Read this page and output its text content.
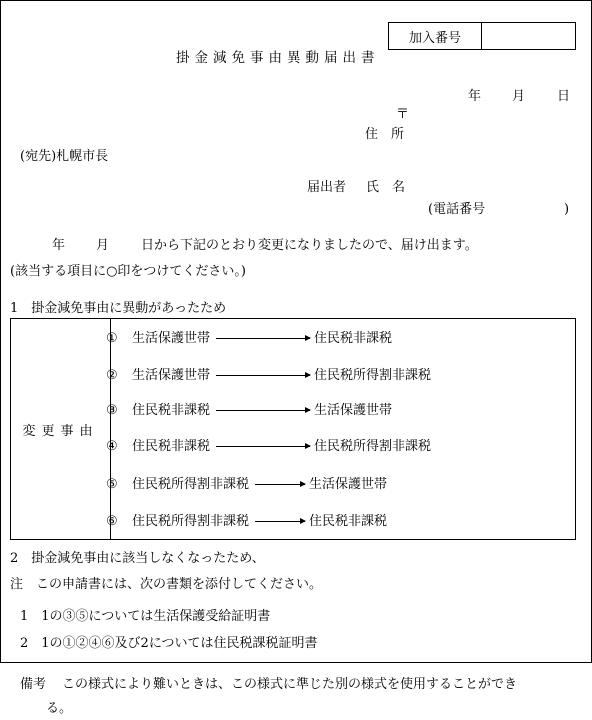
加入番号
掛金減免事由異動届出書
年 月 日
〒
住　所
(宛先)札幌市長
届出者 氏　名
(電話番号	)
年 月 日から下記のとおり変更になりましたので、届け出ます。
(該当する項目に○印をつけてください。)
1　掛金減免事由に異動があったため
変更事由
①	生活保護世帯	住民税非課税
②	生活保護世帯	住民税所得割非課税
③	住民税非課税	生活保護世帯
④	住民税非課税	住民税所得割非課税
⑤	住民税所得割非課税	生活保護世帯
⑥	住民税所得割非課税	住民税非課税
2　掛金減免事由に該当しなくなったため、
注　この申請書には、次の書類を添付してください。
1　1の③⑤については生活保護受給証明書
2　1の①②④⑥及び2については住民税課税証明書
備考 この様式により難いときは、この様式に準じた別の様式を使用することができ
る。
